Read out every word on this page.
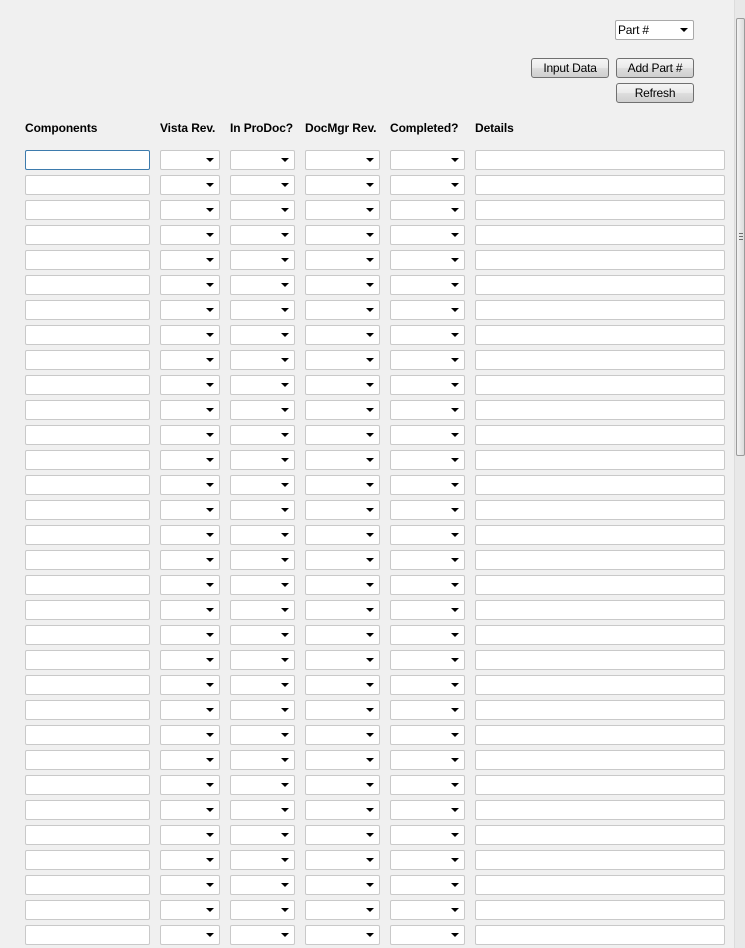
Part #
Input Data	Add Part #
Refresh
Components	Vista Rev. In ProDoc? DocMgr Rev. Completed? Details
